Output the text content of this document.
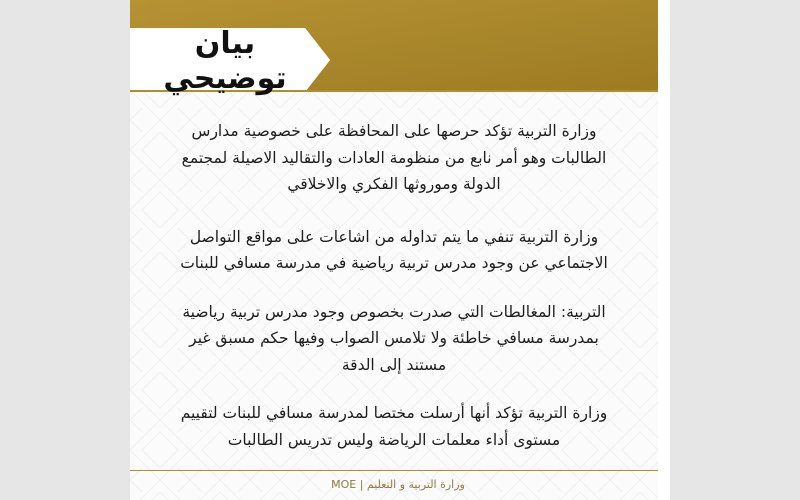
بيان توضيحي

وزارة التربية تؤكد حرصها على المحافظة على خصوصية مدارس الطالبات وهو أمر نابع من منظومة العادات والتقاليد الاصيلة لمجتمع الدولة وموروثها الفكري والاخلاقي

وزارة التربية تنفي ما يتم تداوله من اشاعات على مواقع التواصل الاجتماعي عن وجود مدرس تربية رياضية في مدرسة مسافي للبنات

التربية: المغالطات التي صدرت بخصوص وجود مدرس تربية رياضية بمدرسة مسافي خاطئة ولا تلامس الصواب وفيها حكم مسبق غير مستند إلى الدقة

وزارة التربية تؤكد أنها أرسلت مختصا لمدرسة مسافي للبنات لتقييم مستوى أداء معلمات الرياضة وليس تدريس الطالبات

وزارة التربية و التعليم | MOE
